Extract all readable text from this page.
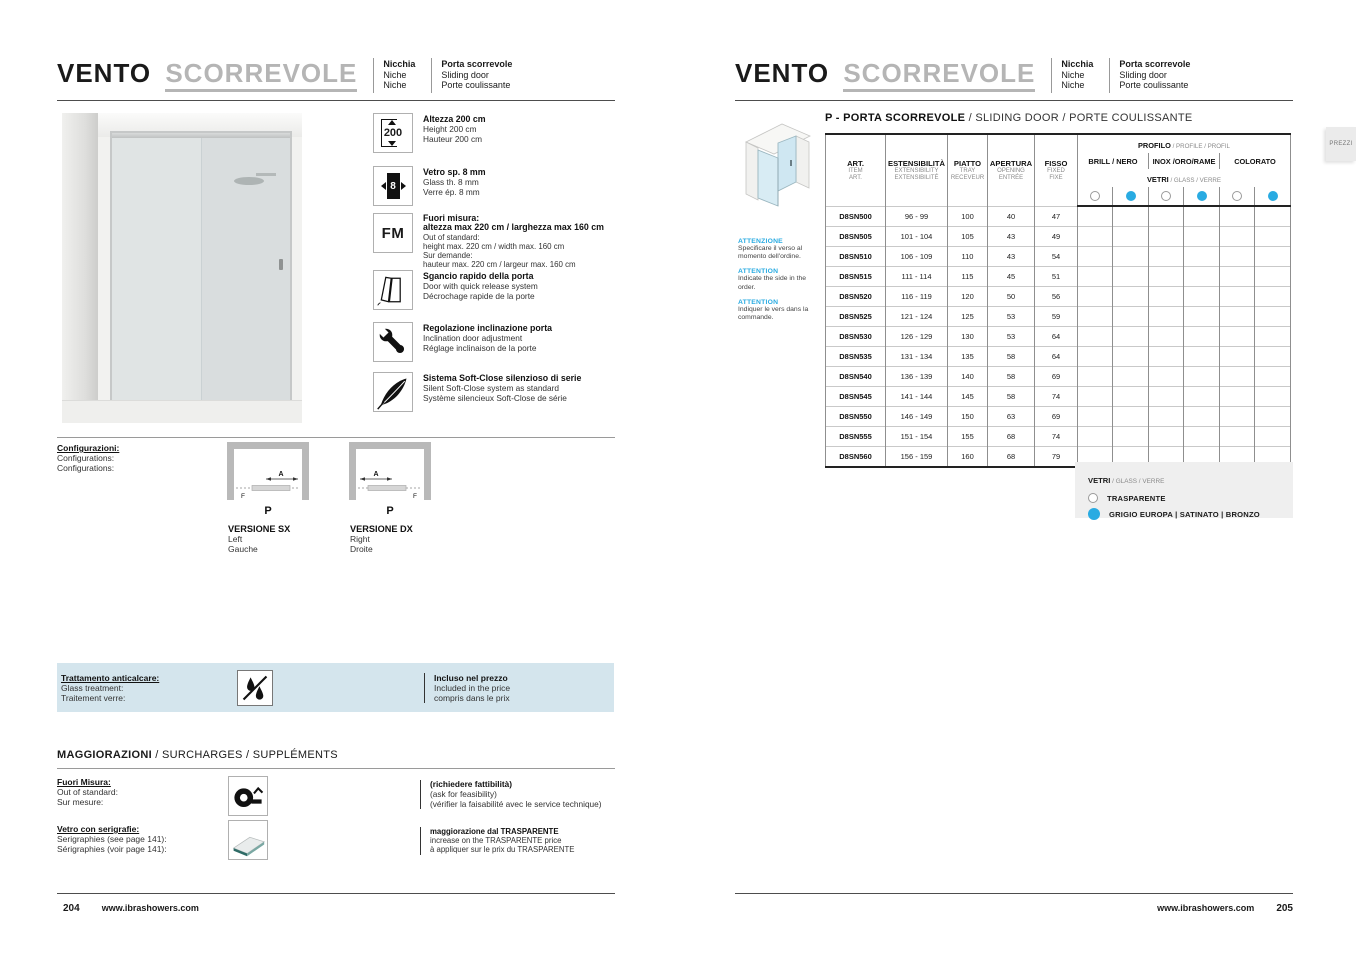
VENTO SCORREVOLE	Nicchia
Niche
Niche
Porta scorrevole
Sliding door
Porte coulissante
200
Altezza 200 cm
Height 200 cm
Hauteur 200 cm
8
Vetro sp. 8 mm
Glass th. 8 mm
Verre ép. 8 mm
FM
Fuori misura:
altezza max 220 cm / larghezza max 160 cm
Out of standard:
height max. 220 cm / width max. 160 cm
Sur demande:
hauteur max. 220 cm / largeur max. 160 cm
Sgancio rapido della porta
Door with quick release system
Décrochage rapide de la porte
Regolazione inclinazione porta
Inclination door adjustment
Réglage inclinaison de la porte
Sistema Soft-Close silenzioso di serie
Silent Soft-Close system as standard
Système silencieux Soft-Close de série
Configurazioni:
Configurations:
Configurations:
A
F
P
A
F
P
VERSIONE SX
Left
Gauche
VERSIONE DX
Right
Droite
Trattamento anticalcare:
Glass treatment:
Traitement verre:
Incluso nel prezzo
Included in the price
compris dans le prix
MAGGIORAZIONI / SURCHARGES / SUPPLÉMENTS
Fuori Misura:
Out of standard:
Sur mesure:
(richiedere fattibilità)
(ask for feasibility)
(vérifier la faisabilité avec le service technique)
Vetro con serigrafie:
Serigraphies (see page 141):
Sérigraphies (voir page 141):
maggiorazione dal TRASPARENTE
increase on the TRASPARENTE price
à appliquer sur le prix du TRASPARENTE
204 www.ibrashowers.com
VENTO SCORREVOLE	Nicchia
Niche
Niche
Porta scorrevole
Sliding door
Porte coulissante
P - PORTA SCORREVOLE / SLIDING DOOR / PORTE COULISSANTE
ATTENZIONE
Specificare il verso al momento dell'ordine.
ATTENTION
Indicate the side in the order.
ATTENTION
Indiquer le vers dans la commande.
ART.
ITEM
ART.

ESTENSIBILITÀ
EXTENSIBILITY
EXTENSIBILITÉ

PIATTO
TRAY
RECEVEUR

APERTURA
OPENING
ENTRÉE

FISSO
FIXED
FIXE
	PROFILO / PROFILE / PROFIL
					BRILL / NERO		INOX /ORO/RAME		COLORATO	
					VETRI / GLASS / VERRE					

D8SN500	96 - 99	100	40	47						
D8SN505	101 - 104	105	43	49						
D8SN510	106 - 109	110	43	54						
D8SN515	111 - 114	115	45	51						
D8SN520	116 - 119	120	50	56						
D8SN525	121 - 124	125	53	59						
D8SN530	126 - 129	130	53	64						
D8SN535	131 - 134	135	58	64						
D8SN540	136 - 139	140	58	69						
D8SN545	141 - 144	145	58	74						
D8SN550	146 - 149	150	63	69						
D8SN555	151 - 154	155	68	74						
D8SN560	156 - 159	160	68	79						
VETRI / GLASS / VERRE
TRASPARENTE
GRIGIO EUROPA | SATINATO | BRONZO
www.ibrashowers.com 205
PREZZI
